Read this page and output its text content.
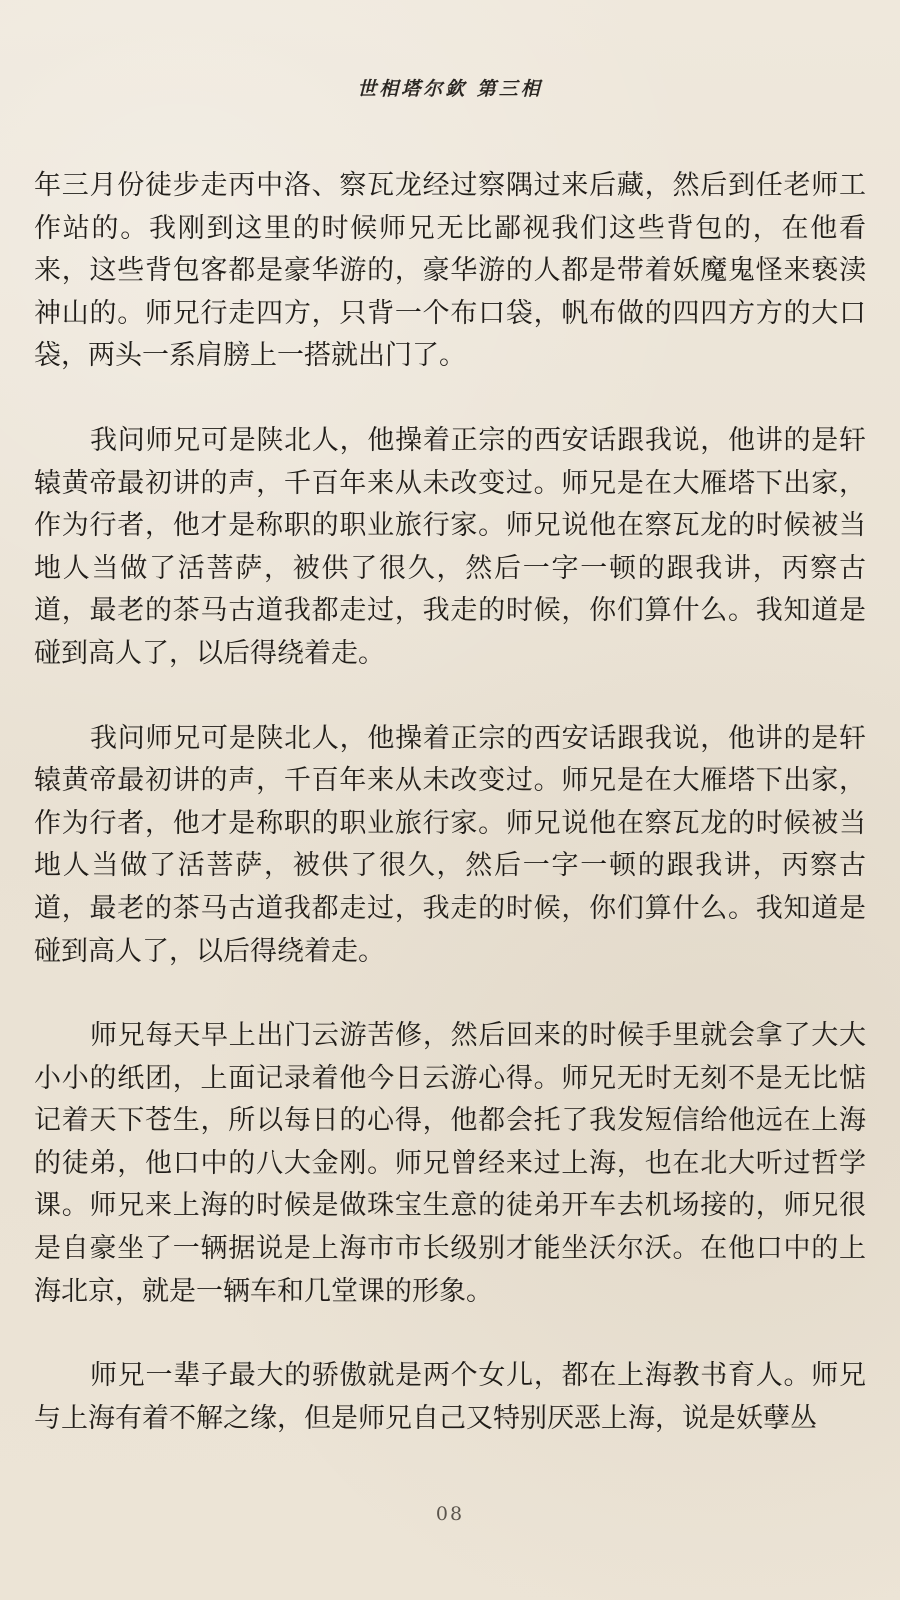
世相塔尔欽 第三相

年三月份徒步走丙中洛、察瓦龙经过察隅过来后藏，然后到任老师工作站的。我刚到这里的时候师兄无比鄙视我们这些背包的，在他看来，这些背包客都是豪华游的，豪华游的人都是带着妖魔鬼怪来亵渎神山的。师兄行走四方，只背一个布口袋，帆布做的四四方方的大口袋，两头一系肩膀上一搭就出门了。

我问师兄可是陕北人，他操着正宗的西安话跟我说，他讲的是轩辕黄帝最初讲的声，千百年来从未改变过。师兄是在大雁塔下出家，作为行者，他才是称职的职业旅行家。师兄说他在察瓦龙的时候被当地人当做了活菩萨，被供了很久，然后一字一顿的跟我讲，丙察古道，最老的茶马古道我都走过，我走的时候，你们算什么。我知道是碰到高人了，以后得绕着走。

我问师兄可是陕北人，他操着正宗的西安话跟我说，他讲的是轩辕黄帝最初讲的声，千百年来从未改变过。师兄是在大雁塔下出家，作为行者，他才是称职的职业旅行家。师兄说他在察瓦龙的时候被当地人当做了活菩萨，被供了很久，然后一字一顿的跟我讲，丙察古道，最老的茶马古道我都走过，我走的时候，你们算什么。我知道是碰到高人了，以后得绕着走。

师兄每天早上出门云游苦修，然后回来的时候手里就会拿了大大小小的纸团，上面记录着他今日云游心得。师兄无时无刻不是无比惦记着天下苍生，所以每日的心得，他都会托了我发短信给他远在上海的徒弟，他口中的八大金刚。师兄曾经来过上海，也在北大听过哲学课。师兄来上海的时候是做珠宝生意的徒弟开车去机场接的，师兄很是自豪坐了一辆据说是上海市市长级别才能坐沃尔沃。在他口中的上海北京，就是一辆车和几堂课的形象。

师兄一辈子最大的骄傲就是两个女儿，都在上海教书育人。师兄与上海有着不解之缘，但是师兄自己又特别厌恶上海，说是妖孽丛

08
